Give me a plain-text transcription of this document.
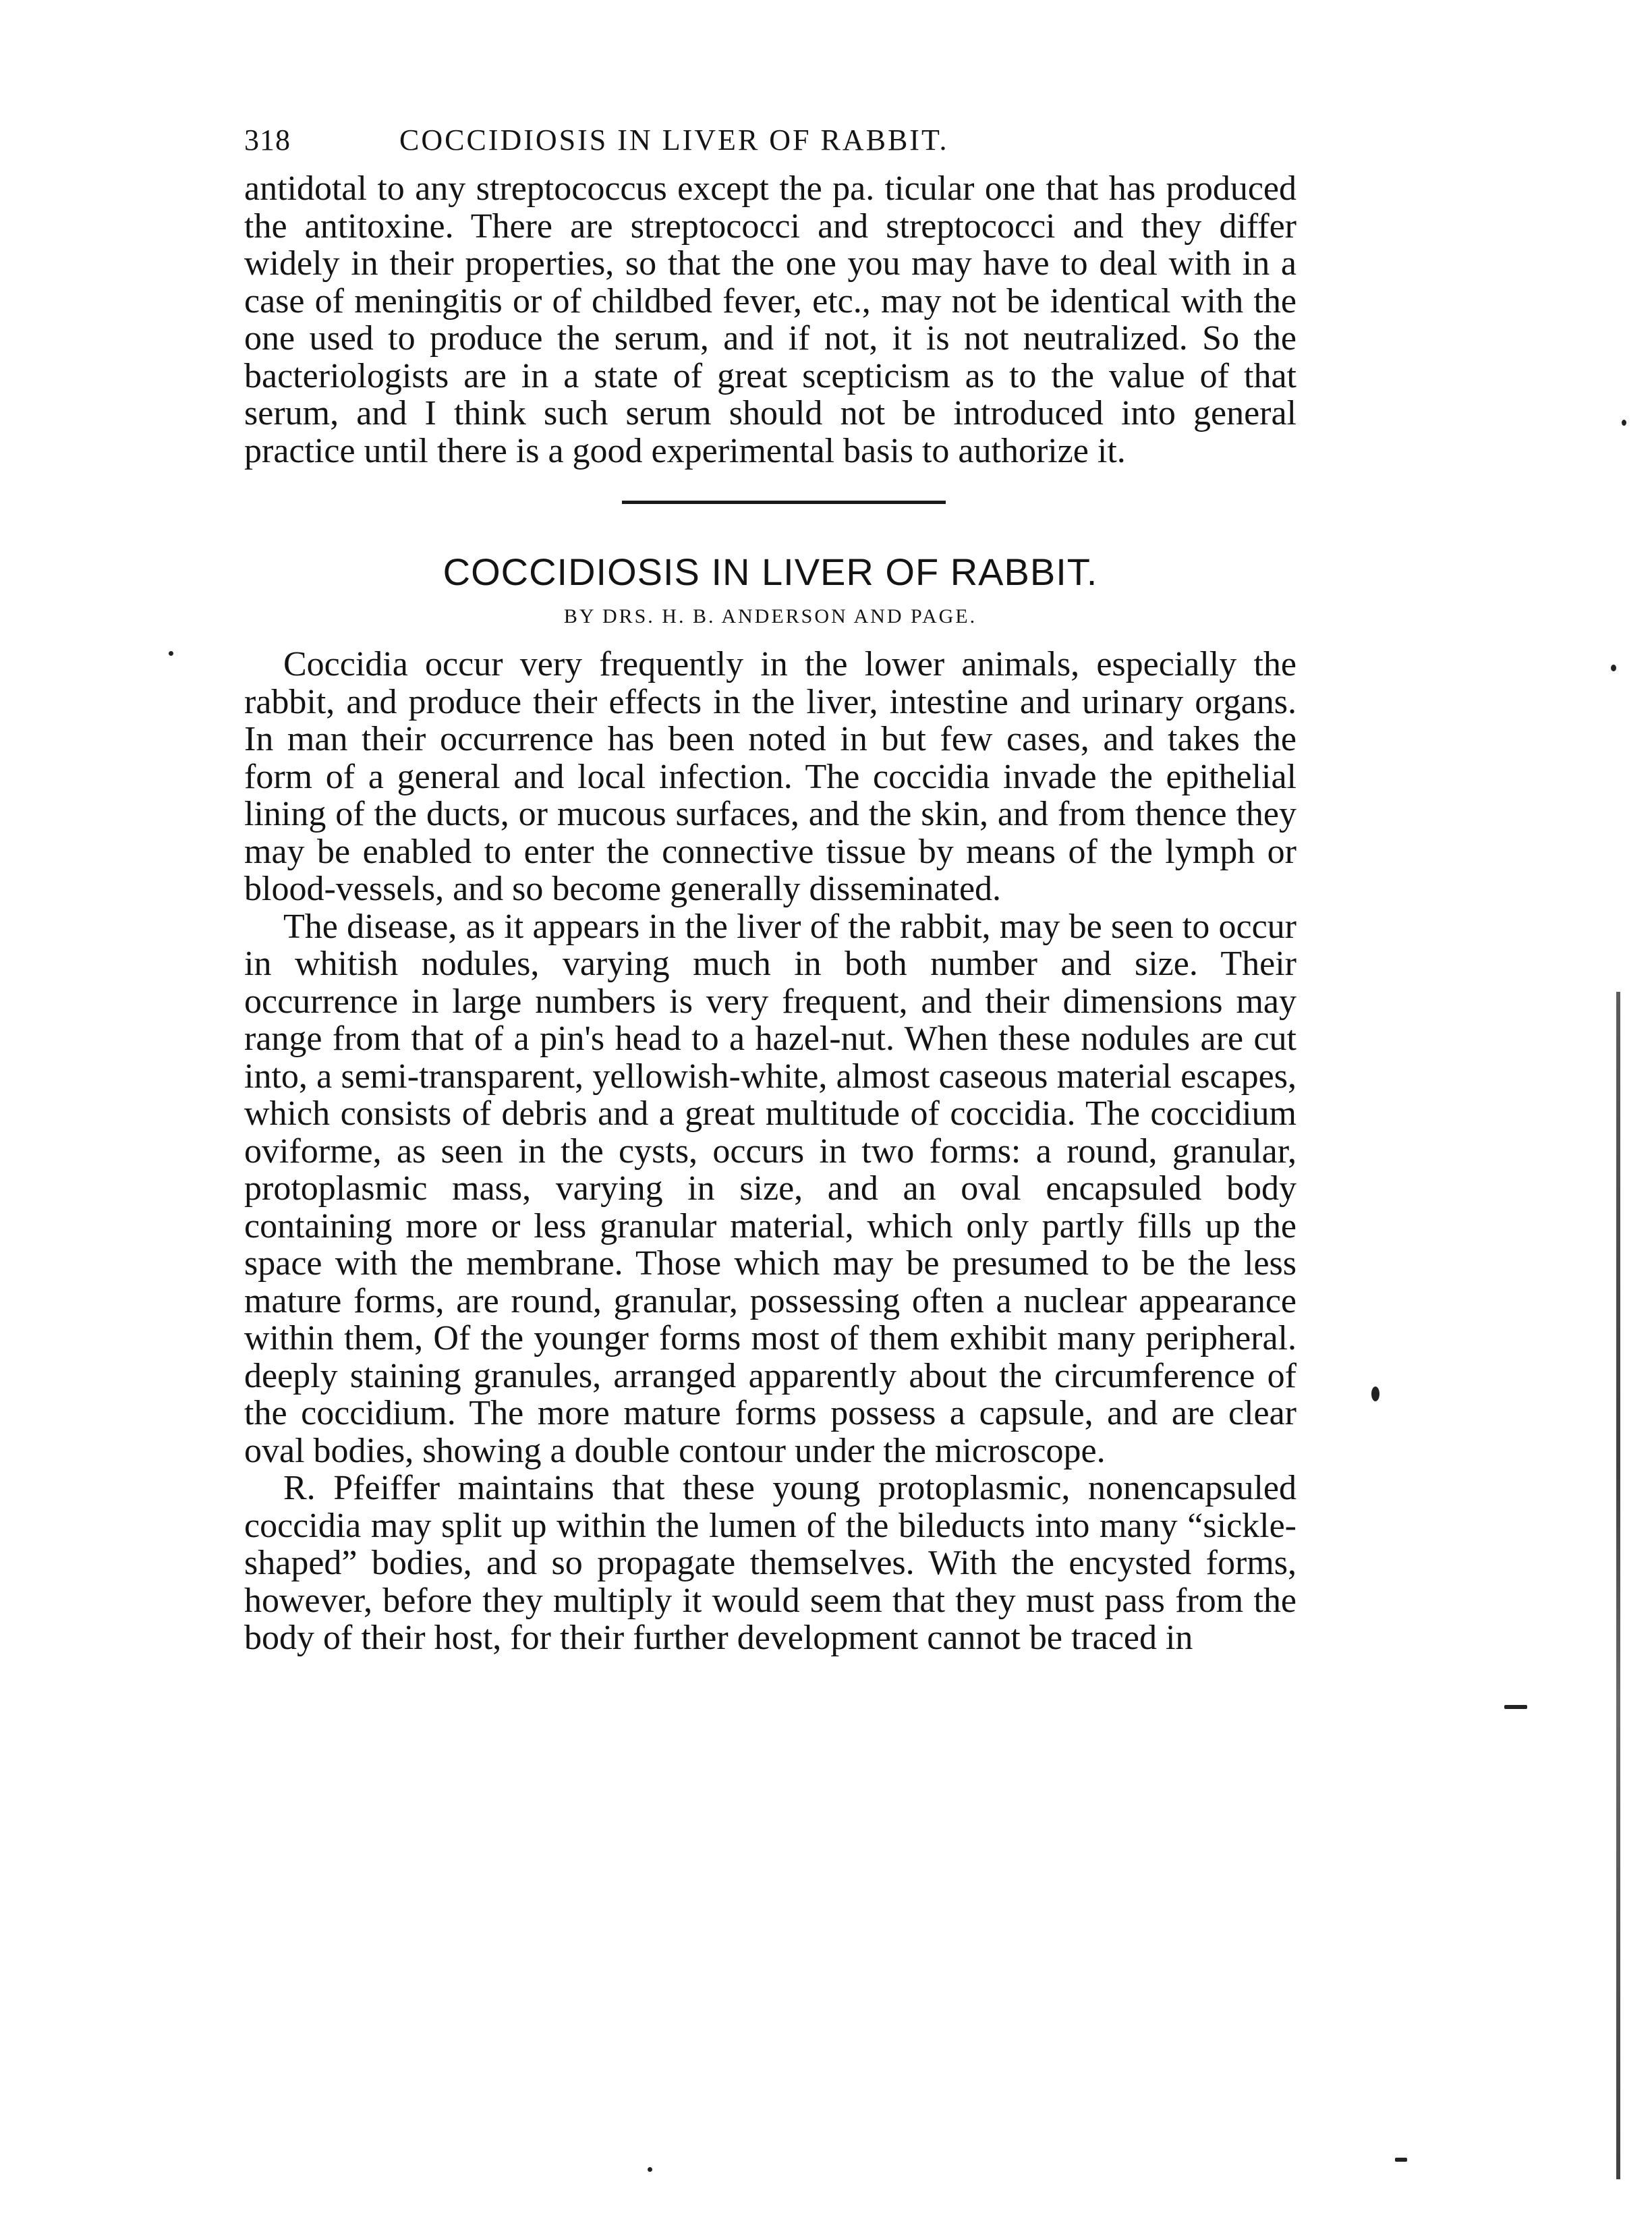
318	COCCIDIOSIS IN LIVER OF RABBIT.

antidotal to any streptococcus except the pa. ticular one that has produced the antitoxine. There are streptococci and streptococci and they differ widely in their properties, so that the one you may have to deal with in a case of meningitis or of childbed fever, etc., may not be identical with the one used to produce the serum, and if not, it is not neutralized. So the bacteriologists are in a state of great scepticism as to the value of that serum, and I think such serum should not be introduced into general practice until there is a good experimental basis to authorize it.

COCCIDIOSIS IN LIVER OF RABBIT.
BY DRS. H. B. ANDERSON AND PAGE.

Coccidia occur very frequently in the lower animals, especially the rabbit, and produce their effects in the liver, intestine and urinary organs. In man their occurrence has been noted in but few cases, and takes the form of a general and local infection. The coccidia invade the epithelial lining of the ducts, or mucous surfaces, and the skin, and from thence they may be enabled to enter the connective tissue by means of the lymph or blood-vessels, and so become generally disseminated.

The disease, as it appears in the liver of the rabbit, may be seen to occur in whitish nodules, varying much in both number and size. Their occurrence in large numbers is very frequent, and their dimensions may range from that of a pin's head to a hazel-nut. When these nodules are cut into, a semi-transparent, yellowish-white, almost caseous material escapes, which consists of debris and a great multitude of coccidia. The coccidium oviforme, as seen in the cysts, occurs in two forms: a round, granular, protoplasmic mass, varying in size, and an oval encapsuled body containing more or less granular material, which only partly fills up the space with the membrane. Those which may be presumed to be the less mature forms, are round, granular, possessing often a nuclear appearance within them, Of the younger forms most of them exhibit many peripheral. deeply staining granules, arranged apparently about the circumference of the coccidium. The more mature forms possess a capsule, and are clear oval bodies, showing a double contour under the microscope.

R. Pfeiffer maintains that these young protoplasmic, nonencapsuled coccidia may split up within the lumen of the bileducts into many “sickle-shaped” bodies, and so propagate themselves. With the encysted forms, however, before they multiply it would seem that they must pass from the body of their host, for their further development cannot be traced in
